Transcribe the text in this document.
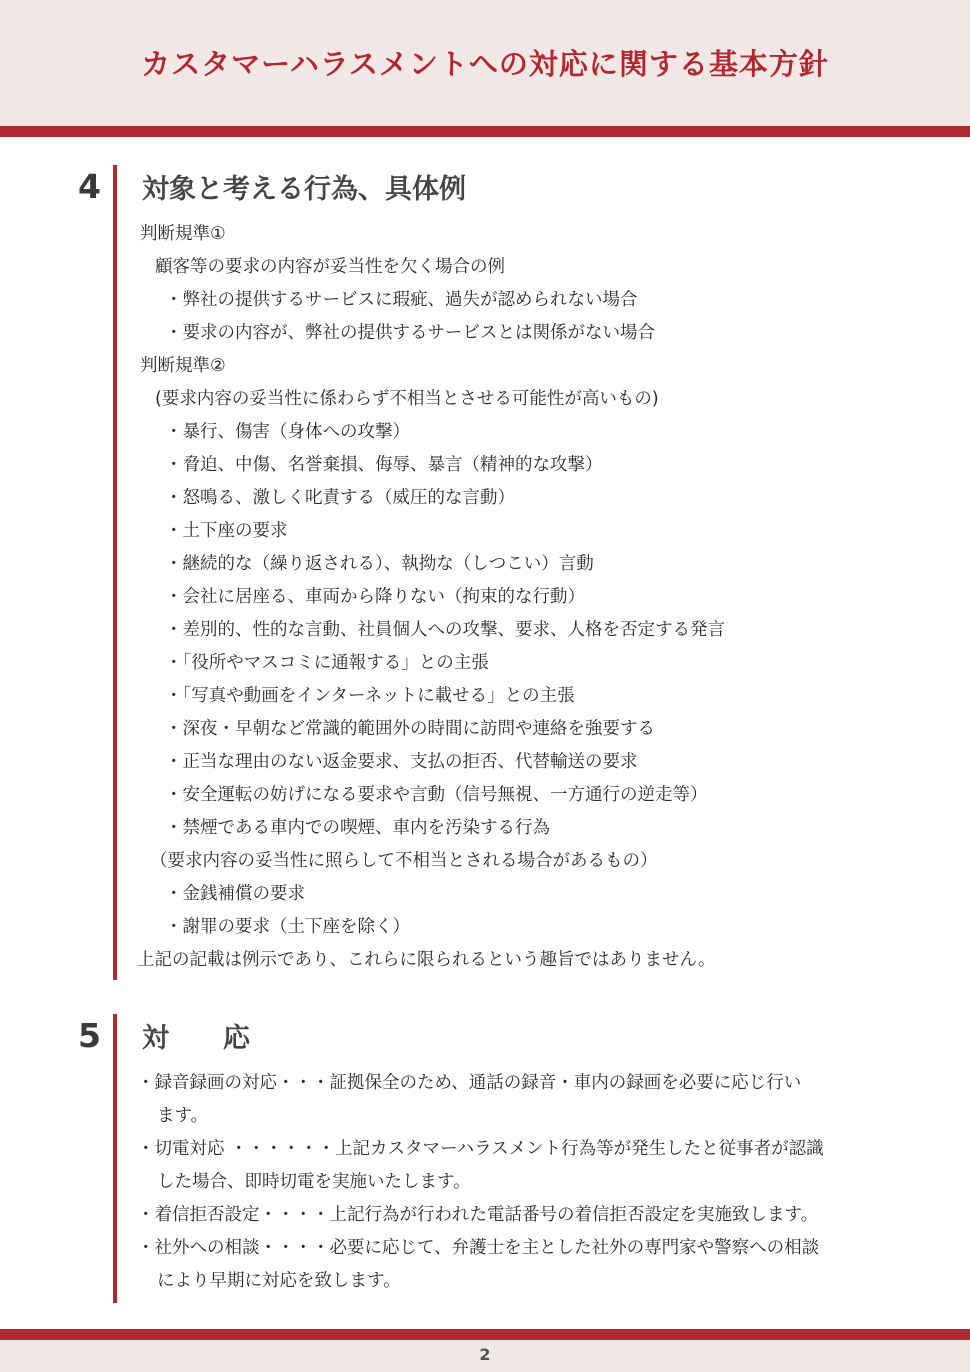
カスタマーハラスメントへの対応に関する基本方針
4 対象と考える行為、具体例
判断規準①
顧客等の要求の内容が妥当性を欠く場合の例
・弊社の提供するサービスに瑕疵、過失が認められない場合
・要求の内容が、弊社の提供するサービスとは関係がない場合
判断規準②
(要求内容の妥当性に係わらず不相当とさせる可能性が高いもの)
・暴行、傷害（身体への攻撃）
・脅迫、中傷、名誉棄損、侮辱、暴言（精神的な攻撃）
・怒鳴る、激しく叱責する（威圧的な言動）
・土下座の要求
・継続的な（繰り返される）、執拗な（しつこい）言動
・会社に居座る、車両から降りない（拘束的な行動）
・差別的、性的な言動、社員個人への攻撃、要求、人格を否定する発言
・「役所やマスコミに通報する」との主張
・「写真や動画をインターネットに載せる」との主張
・深夜・早朝など常識的範囲外の時間に訪問や連絡を強要する
・正当な理由のない返金要求、支払の拒否、代替輸送の要求
・安全運転の妨げになる要求や言動（信号無視、一方通行の逆走等）
・禁煙である車内での喫煙、車内を汚染する行為
（要求内容の妥当性に照らして不相当とされる場合があるもの）
・金銭補償の要求
・謝罪の要求（土下座を除く）
上記の記載は例示であり、これらに限られるという趣旨ではありません。
5 対　　応
・録音録画の対応・・・証拠保全のため、通話の録音・車内の録画を必要に応じ行い
ます。
・切電対応 ・・・・・・上記カスタマーハラスメント行為等が発生したと従事者が認識
した場合、即時切電を実施いたします。
・着信拒否設定・・・・上記行為が行われた電話番号の着信拒否設定を実施致します。
・社外への相談・・・・必要に応じて、弁護士を主とした社外の専門家や警察への相談
により早期に対応を致します。
2
